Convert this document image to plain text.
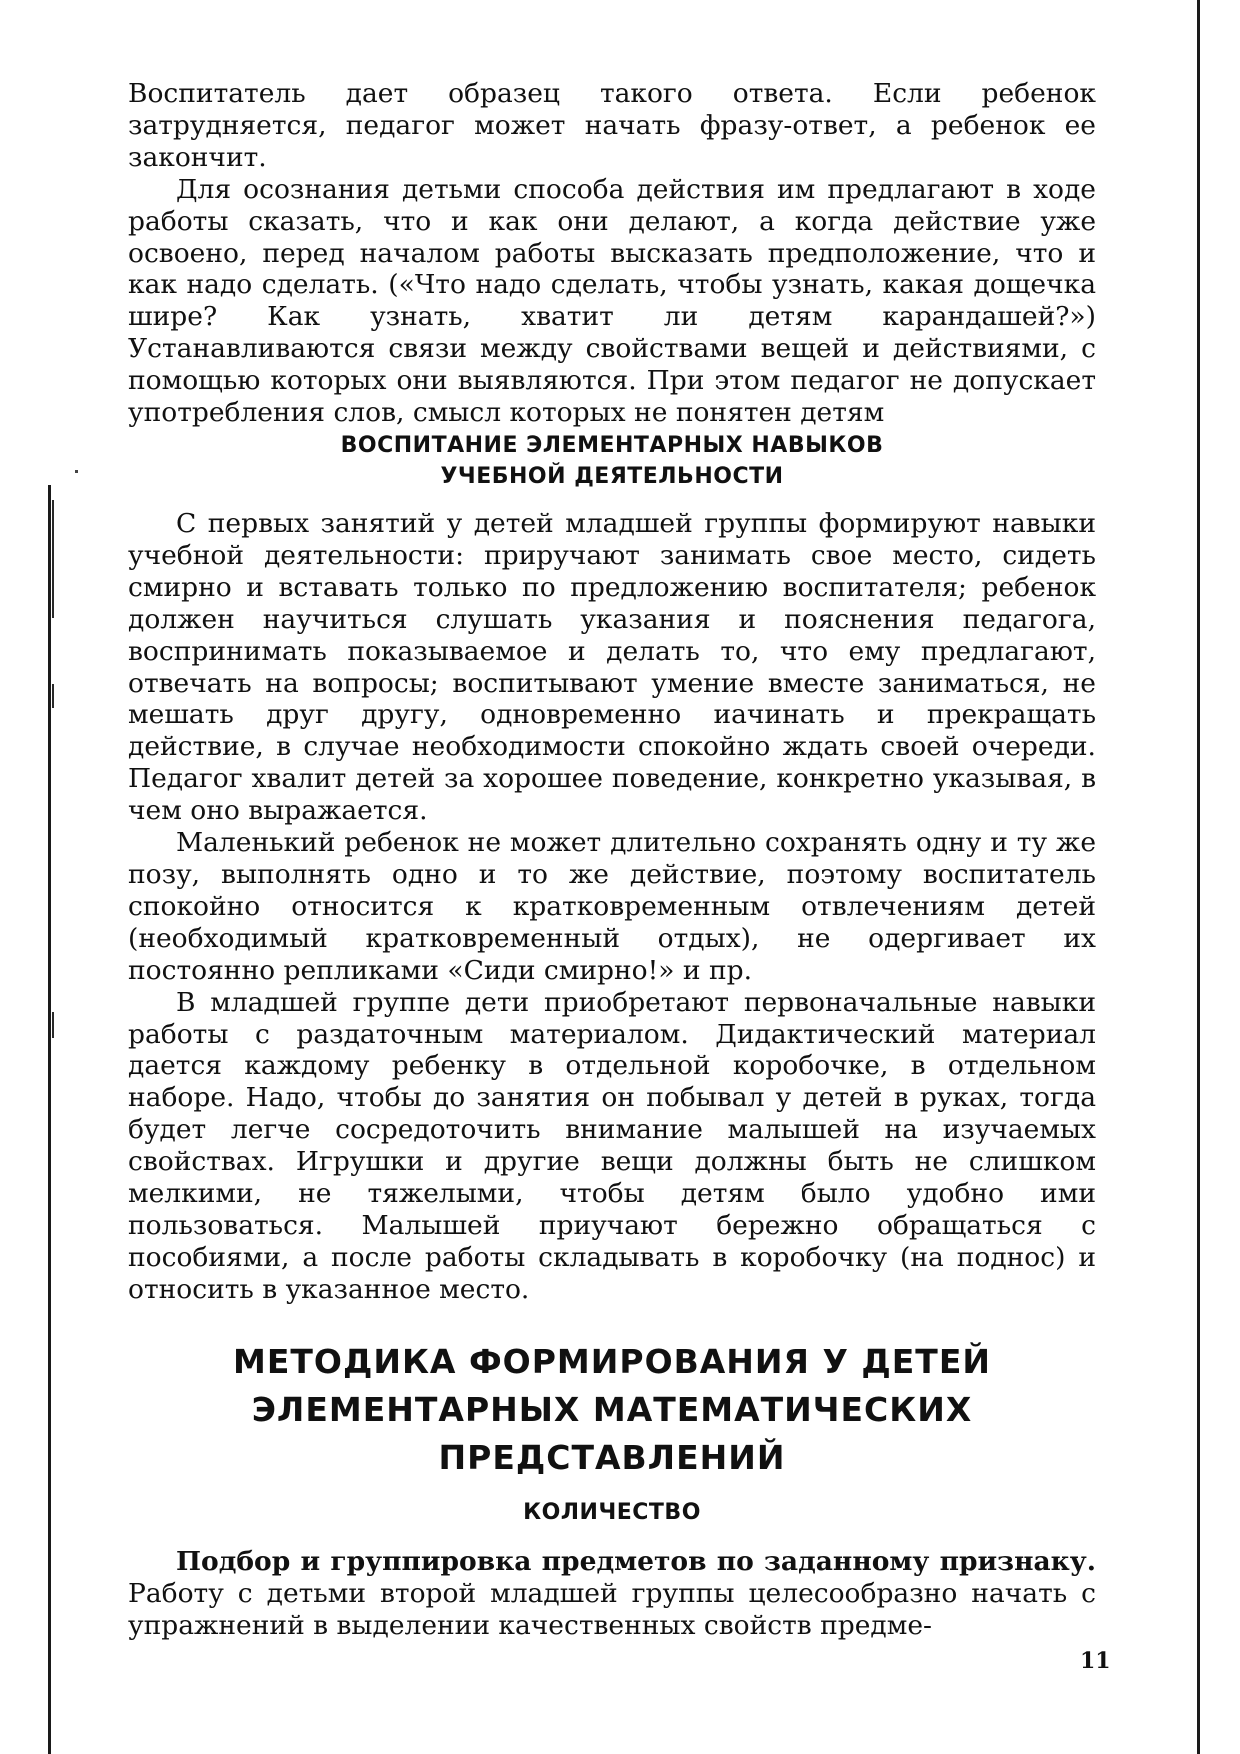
Воспитатель дает образец такого ответа. Если ребенок затрудняется, педагог может начать фразу-ответ, а ребенок ее закончит.

Для осознания детьми способа действия им предлагают в ходе работы сказать, что и как они делают, а когда действие уже освоено, перед началом работы высказать предположение, что и как надо сделать. («Что надо сделать, чтобы узнать, какая дощечка шире? Как узнать, хватит ли детям карандашей?») Устанавливаются связи между свойствами вещей и действиями, с помощью которых они выявляются. При этом педагог не допускает употребления слов, смысл которых не понятен детям

ВОСПИТАНИЕ ЭЛЕМЕНТАРНЫХ НАВЫКОВ

УЧЕБНОЙ ДЕЯТЕЛЬНОСТИ

С первых занятий у детей младшей группы формируют навыки учебной деятельности: приручают занимать свое место, сидеть смирно и вставать только по предложению воспитателя; ребенок должен научиться слушать указания и пояснения педагога, воспринимать показываемое и делать то, что ему предлагают, отвечать на вопросы; воспитывают умение вместе заниматься, не мешать друг другу, одновременно иачинать и прекращать действие, в случае необходимости спокойно ждать своей очереди. Педагог хвалит детей за хорошее поведение, конкретно указывая, в чем оно выражается.

Маленький ребенок не может длительно сохранять одну и ту же позу, выполнять одно и то же действие, поэтому воспитатель спокойно относится к кратковременным отвлечениям детей (необходимый кратковременный отдых), не одергивает их постоянно репликами «Сиди смирно!» и пр.

В младшей группе дети приобретают первоначальные навыки работы с раздаточным материалом. Дидактический материал дается каждому ребенку в отдельной коробочке, в отдельном наборе. Надо, чтобы до занятия он побывал у детей в руках, тогда будет легче сосредоточить внимание малышей на изучаемых свойствах. Игрушки и другие вещи должны быть не слишком мелкими, не тяжелыми, чтобы детям было удобно ими пользоваться. Малышей приучают бережно обращаться с пособиями, а после работы складывать в коробочку (на поднос) и относить в указанное место.

МЕТОДИКА ФОРМИРОВАНИЯ У ДЕТЕЙ

ЭЛЕМЕНТАРНЫХ МАТЕМАТИЧЕСКИХ

ПРЕДСТАВЛЕНИЙ

КОЛИЧЕСТВО

Подбор и группировка предметов по заданному признаку. Работу с детьми второй младшей группы целесообразно начать с упражнений в выделении качественных свойств предме-

11
